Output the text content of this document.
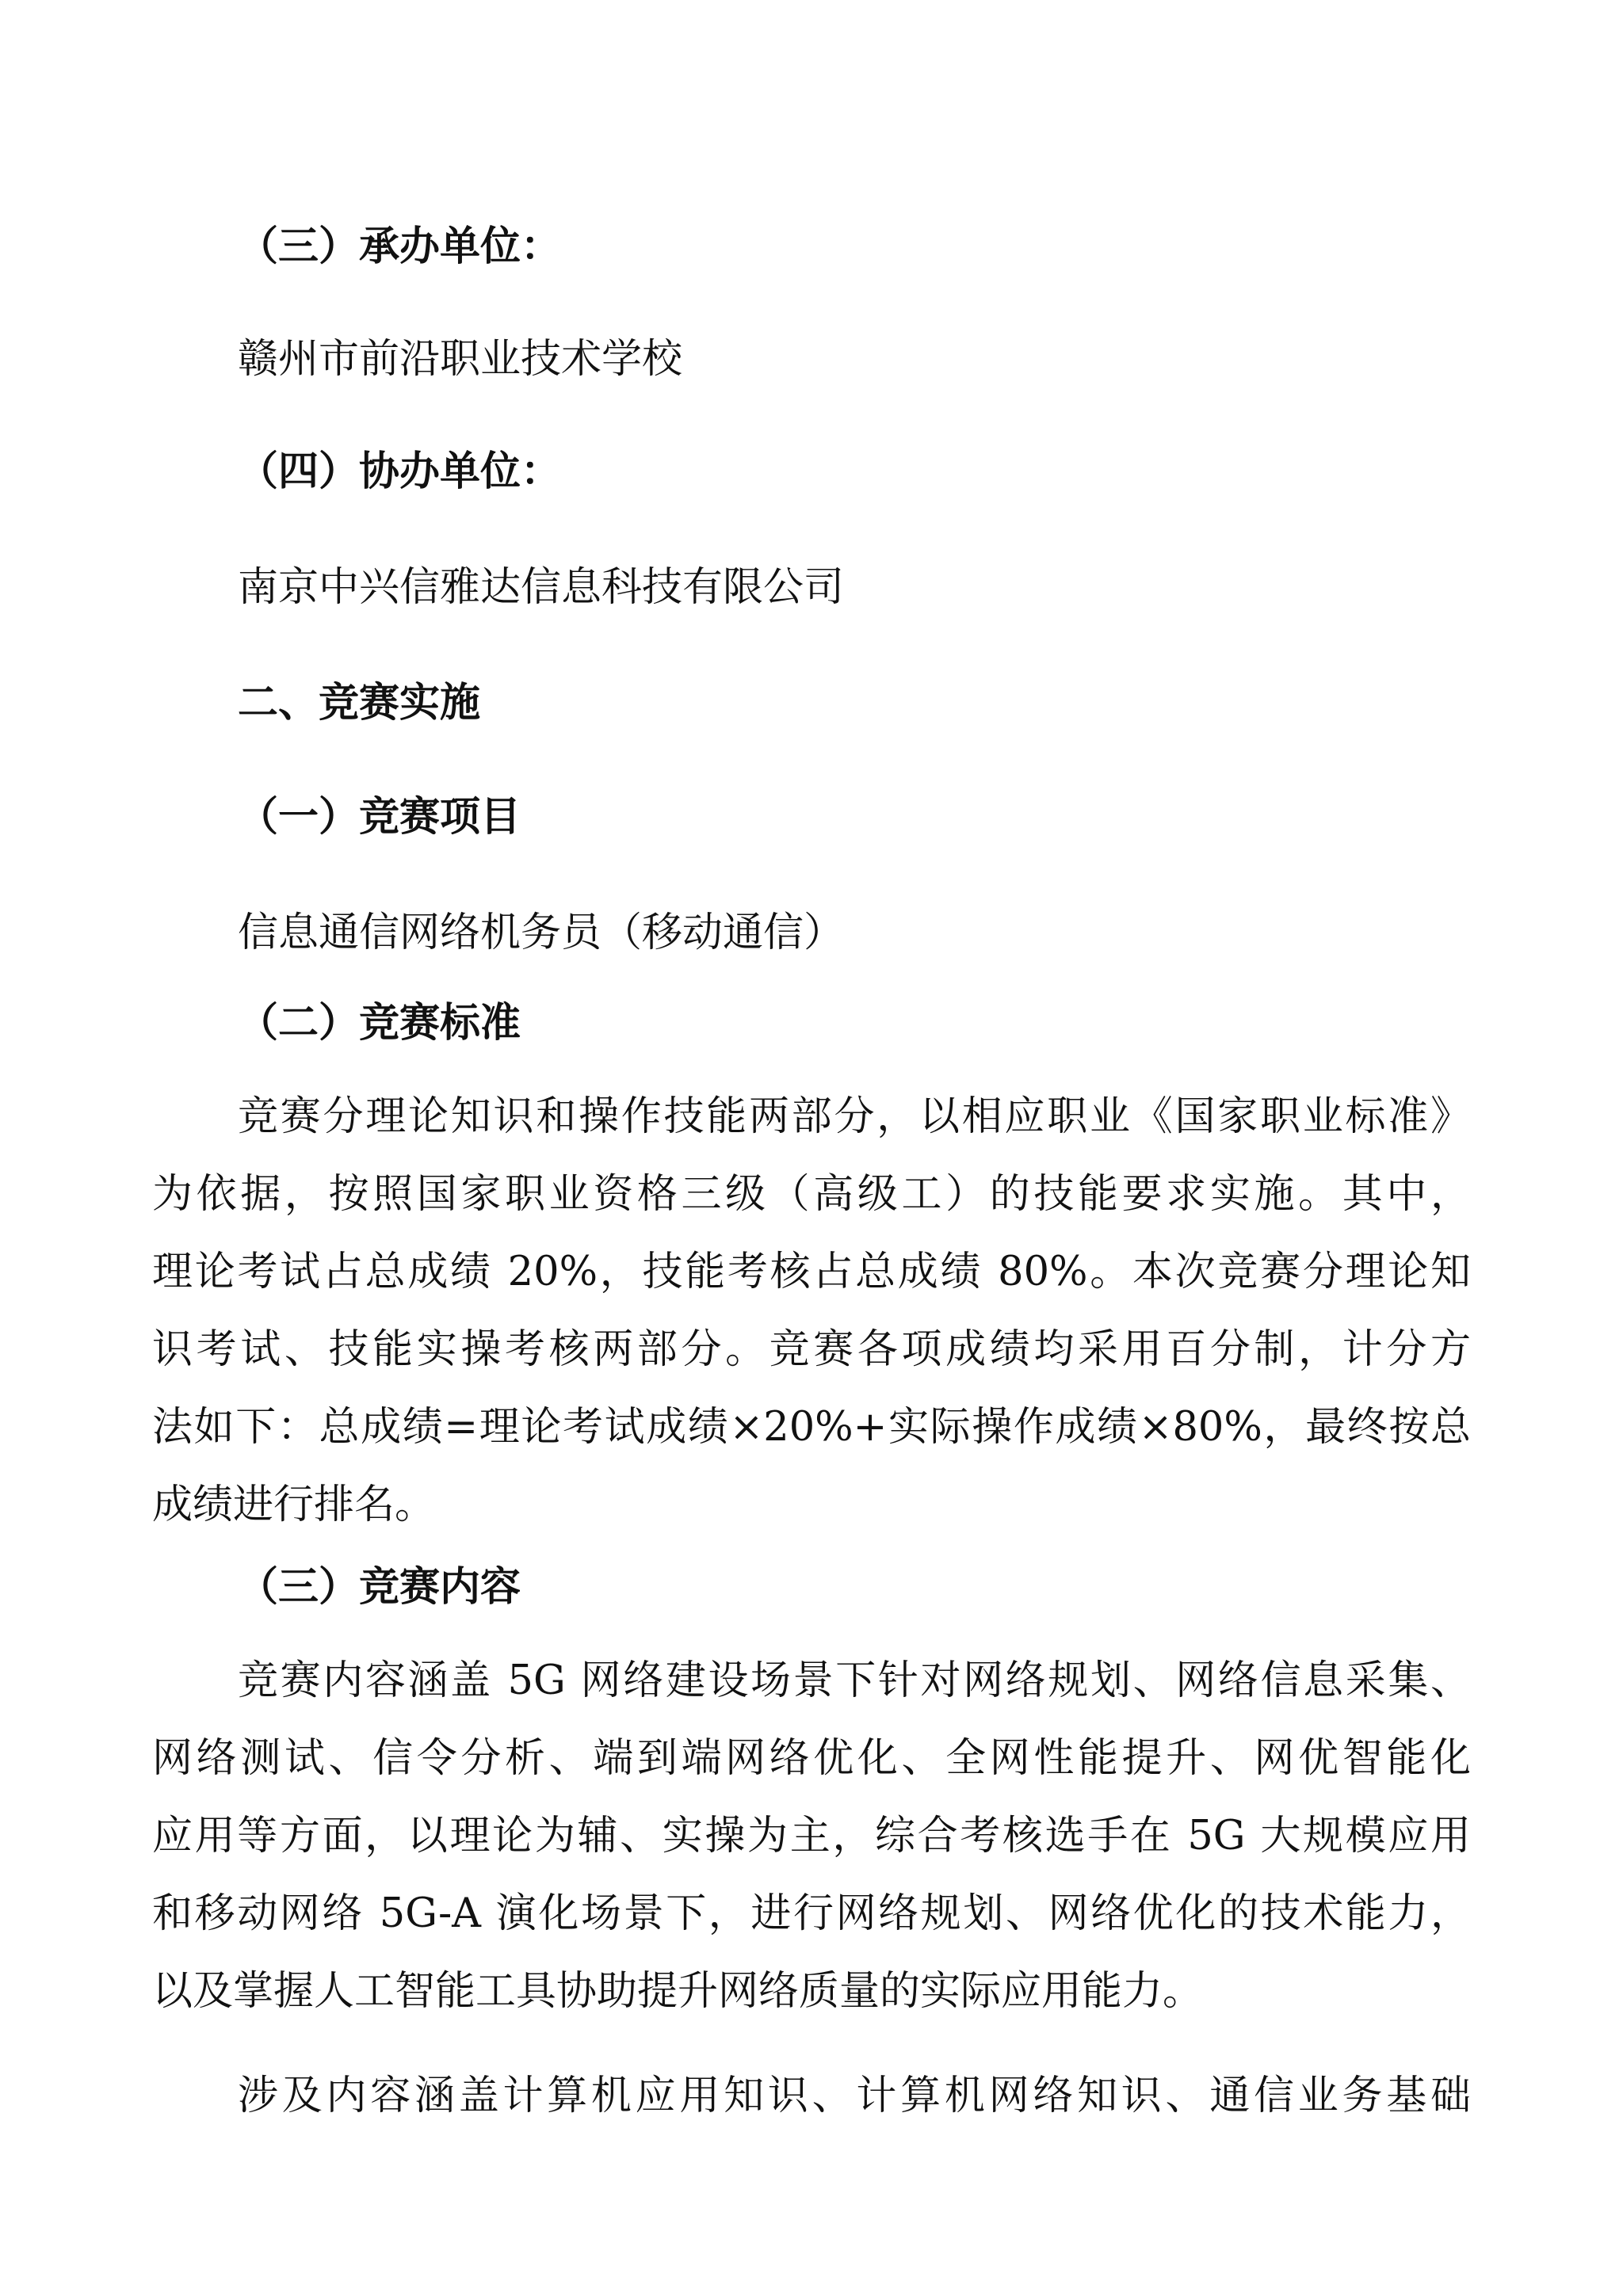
（三）承办单位：
赣州市前沿职业技术学校
（四）协办单位：
南京中兴信雅达信息科技有限公司
二、竞赛实施
（一）竞赛项目
信息通信网络机务员（移动通信）
（二）竞赛标准
竞赛分理论知识和操作技能两部分，以相应职业《国家职业标准》
为依据，按照国家职业资格三级（高级工）的技能要求实施。其中，
理论考试占总成绩 20%，技能考核占总成绩 80%。本次竞赛分理论知
识考试、技能实操考核两部分。竞赛各项成绩均采用百分制，计分方
法如下：总成绩=理论考试成绩×20%+实际操作成绩×80%，最终按总
成绩进行排名。
（三）竞赛内容
竞赛内容涵盖 5G 网络建设场景下针对网络规划、网络信息采集、
网络测试、信令分析、端到端网络优化、全网性能提升、网优智能化
应用等方面，以理论为辅、实操为主，综合考核选手在 5G 大规模应用
和移动网络 5G-A 演化场景下，进行网络规划、网络优化的技术能力，
以及掌握人工智能工具协助提升网络质量的实际应用能力。
涉及内容涵盖计算机应用知识、计算机网络知识、通信业务基础
